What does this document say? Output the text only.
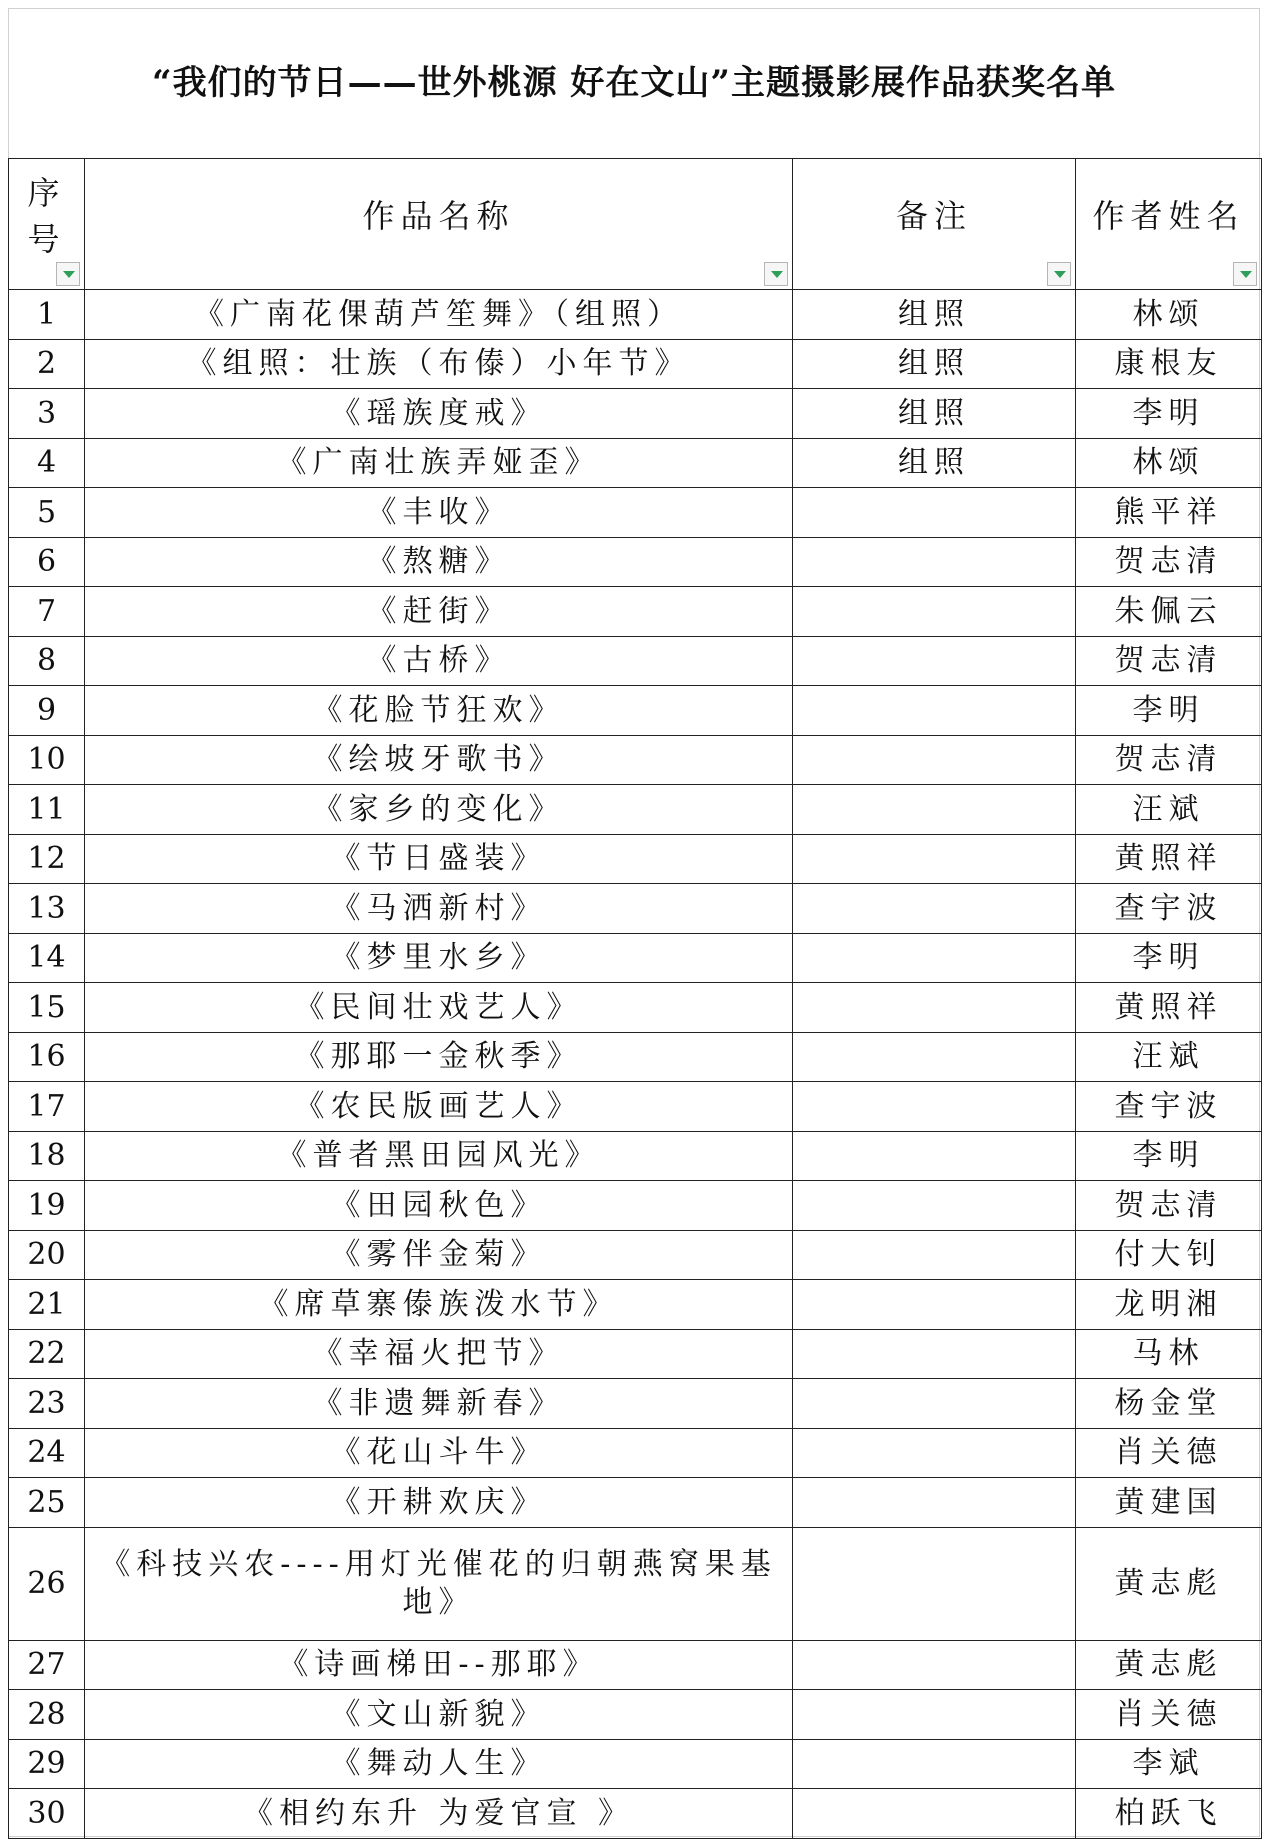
“我们的节日——世外桃源 好在文山”主题摄影展作品获奖名单
序号	作品名称	备注	作者姓名

1	《广南花倮葫芦笙舞》（组照）	组照	林颂
2	《组照：壮族（布傣）小年节》	组照	康根友
3	《瑶族度戒》	组照	李明
4	《广南壮族弄娅歪》	组照	林颂
5	《丰收》		熊平祥
6	《熬糖》		贺志清
7	《赶街》		朱佩云
8	《古桥》		贺志清
9	《花脸节狂欢》		李明
10	《绘坡牙歌书》		贺志清
11	《家乡的变化》		汪斌
12	《节日盛装》		黄照祥
13	《马洒新村》		查宇波
14	《梦里水乡》		李明
15	《民间壮戏艺人》		黄照祥
16	《那耶一金秋季》		汪斌
17	《农民版画艺人》		查宇波
18	《普者黑田园风光》		李明
19	《田园秋色》		贺志清
20	《雾伴金菊》		付大钊
21	《席草寨傣族泼水节》		龙明湘
22	《幸福火把节》		马林
23	《非遗舞新春》		杨金堂
24	《花山斗牛》		肖关德
25	《开耕欢庆》		黄建国
26	《科技兴农----用灯光催花的归朝燕窝果基地》		黄志彪
27	《诗画梯田--那耶》		黄志彪
28	《文山新貌》		肖关德
29	《舞动人生》		李斌
30	《相约东升 为爱官宣 》		柏跃飞
